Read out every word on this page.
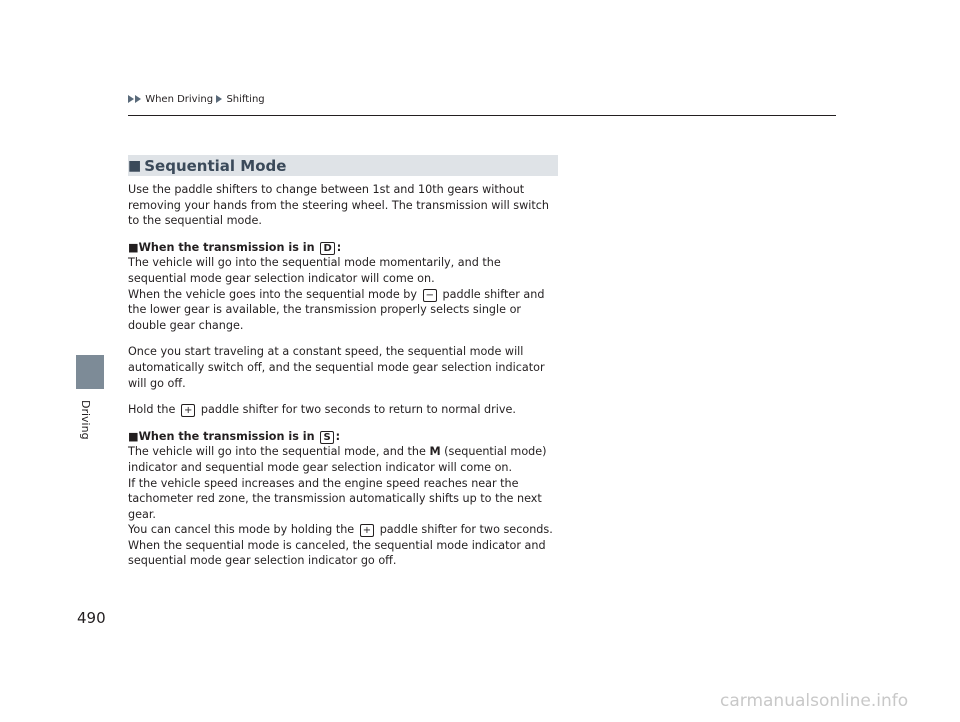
When Driving Shifting
Driving
490
■ Sequential Mode

Use the paddle shifters to change between 1st and 10th gears without removing your hands from the steering wheel. The transmission will switch to the sequential mode.

■When the transmission is in D :

The vehicle will go into the sequential mode momentarily, and the sequential mode gear selection indicator will come on.

When the vehicle goes into the sequential mode by − paddle shifter and the lower gear is available, the transmission properly selects single or double gear change.

Once you start traveling at a constant speed, the sequential mode will automatically switch off, and the sequential mode gear selection indicator will go off.

Hold the + paddle shifter for two seconds to return to normal drive.

■When the transmission is in S :

The vehicle will go into the sequential mode, and the M (sequential mode) indicator and sequential mode gear selection indicator will come on.

If the vehicle speed increases and the engine speed reaches near the tachometer red zone, the transmission automatically shifts up to the next gear.

You can cancel this mode by holding the + paddle shifter for two seconds. When the sequential mode is canceled, the sequential mode indicator and sequential mode gear selection indicator go off.

carmanualsonline.info
